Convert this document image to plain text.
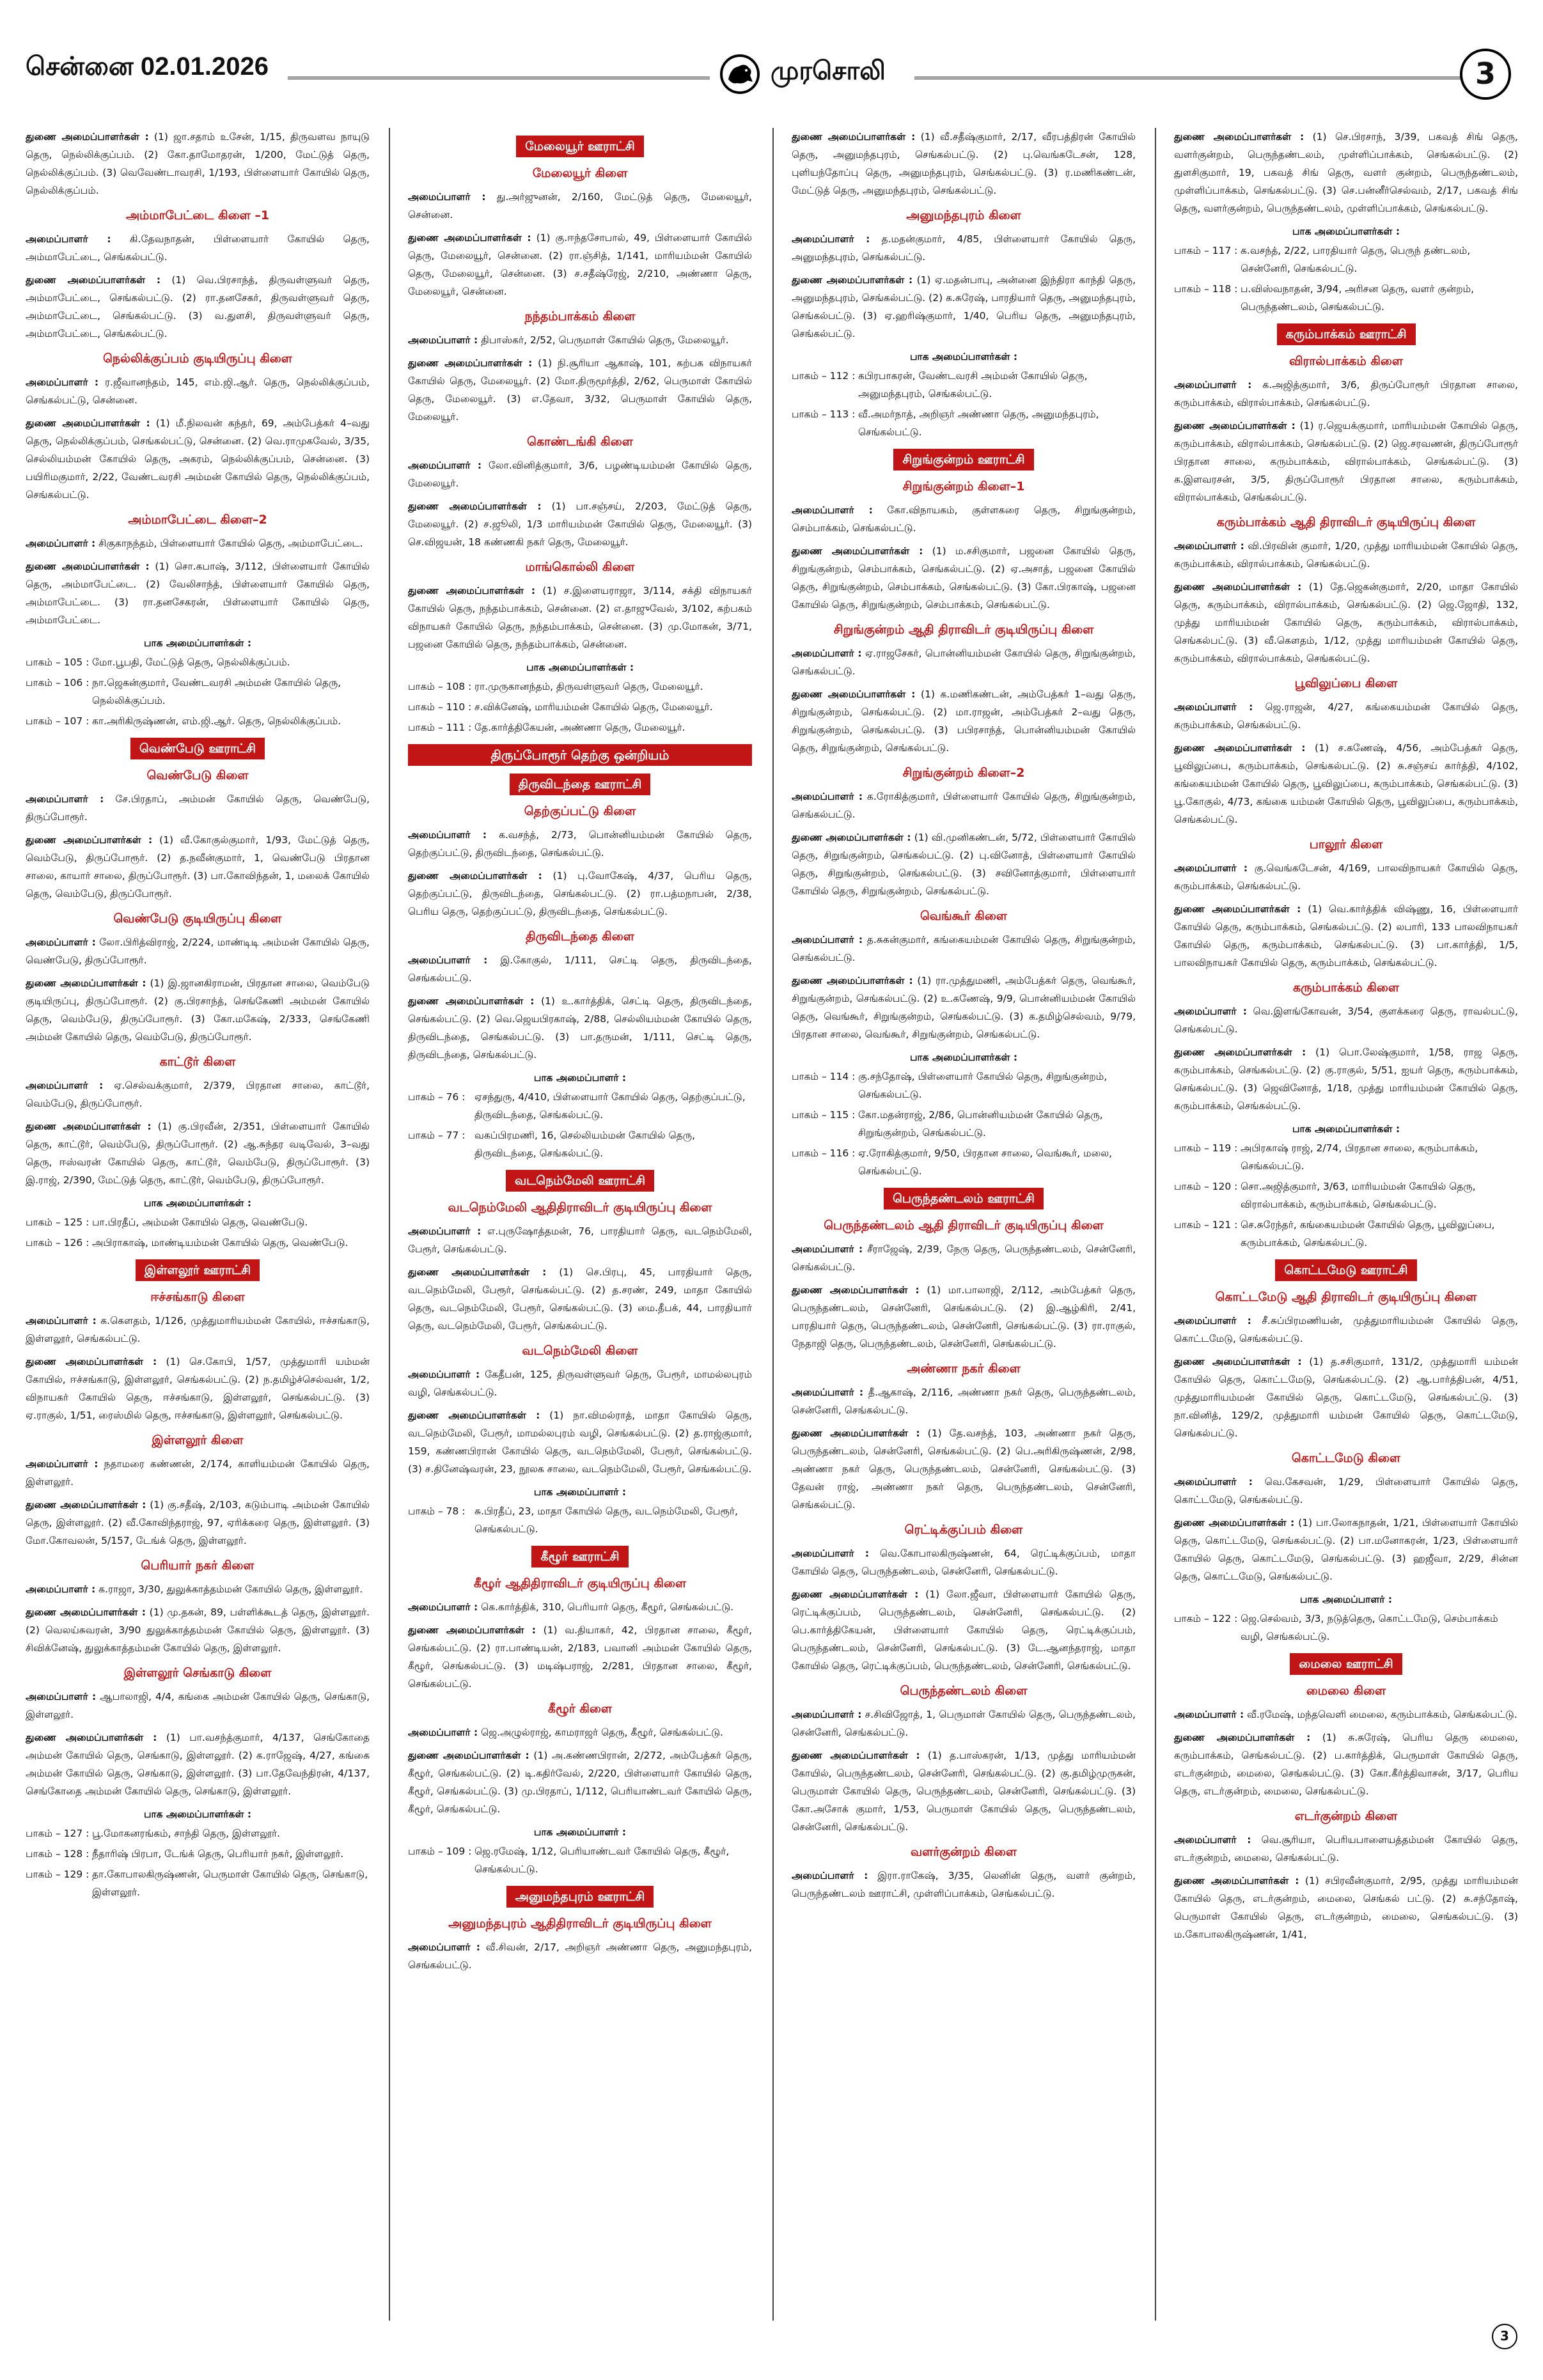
சென்னை 02.01.2026	முரசொலி	3

துணை அமைப்பாளர்கள் : (1) ஜா.சதாம் உசேன், 1/15, திருவளவ நாயுடு தெரு, நெல்லிக்குப்பம். (2) கோ.தாமோதரன், 1/200, மேட்டுத் தெரு, நெல்லிக்குப்பம். (3) வெவேண்டாவரசி, 1/193, பிள்ளையார் கோயில் தெரு, நெல்லிக்குப்பம்.

அம்மாபேட்டை கிளை –1

அமைப்பாளர் : கி.தேவநாதன், பிள்ளையார் கோயில் தெரு, அம்மாபேட்டை, செங்கல்பட்டு.

துணை அமைப்பாளர்கள் : (1) வெ.பிரசாந்த், திருவள்ளுவர் தெரு, அம்மாபேட்டை, செங்கல்பட்டு. (2) ரா.தனசேகர், திருவள்ளுவர் தெரு, அம்மாபேட்டை, செங்கல்பட்டு. (3) வ.துளசி, திருவள்ளுவர் தெரு, அம்மாபேட்டை, செங்கல்பட்டு.

நெல்லிக்குப்பம் குடியிருப்பு கிளை

அமைப்பாளர் : ர.ஜீவானந்தம், 145, எம்.ஜி.ஆர். தெரு, நெல்லிக்குப்பம், செங்கல்பட்டு, சென்னை.

துணை அமைப்பாளர்கள் : (1) மீ.நிலவன் கந்தர், 69, அம்பேத்கர் 4–வது தெரு, நெல்லிக்குப்பம், செங்கல்பட்டு, சென்னை. (2) வெ.ராமுகவேல், 3/35, செல்லியம்மன் கோயில் தெரு, அகரம், நெல்லிக்குப்பம், சென்னை. (3) பயிரிமகுமார், 2/22, வேண்டவரசி அம்மன் கோயில் தெரு, நெல்லிக்குப்பம், செங்கல்பட்டு.

அம்மாபேட்டை கிளை–2

அமைப்பாளர் : சிகுகாநந்தம், பிள்ளையார் கோயில் தெரு, அம்மாபேட்டை.

துணை அமைப்பாளர்கள் : (1) சொ.கபாஷ், 3/112, பிள்ளையார் கோயில் தெரு, அம்மாபேட்டை. (2) வேலிசாந்த், பிள்ளையார் கோயில் தெரு, அம்மாபேட்டை. (3) ரா.தனசேகரன், பிள்ளையார் கோயில் தெரு, அம்மாபேட்டை.

பாக அமைப்பாளர்கள் :
பாகம் – 105 : மோ.பூபதி, மேட்டுத் தெரு, நெல்லிக்குப்பம்.
பாகம் – 106 : நா.ஜெகன்குமார், வேண்டவரசி அம்மன் கோயில் தெரு, நெல்லிக்குப்பம்.
பாகம் – 107 : கா.அரிகிருஷ்ணன், எம்.ஜி.ஆர். தெரு, நெல்லிக்குப்பம்.
வெண்பேடு ஊராட்சி
வெண்பேடு கிளை

அமைப்பாளர் : சே.பிரதாப், அம்மன் கோயில் தெரு, வெண்பேடு, திருப்போரூர்.

துணை அமைப்பாளர்கள் : (1) வீ.கோகுல்குமார், 1/93, மேட்டுத் தெரு, வெம்பேடு, திருப்போரூர். (2) த.நவீன்குமார், 1, வெண்பேடு பிரதான சாலை, காயார் சாலை, திருப்போரூர். (3) பா.கோவிந்தன், 1, மலைக் கோயில் தெரு, வெம்பேடு, திருப்போரூர்.

வெண்பேடு குடியிருப்பு கிளை

அமைப்பாளர் : லோ.பிரித்விராஜ், 2/224, மாண்டிடி அம்மன் கோயில் தெரு, வெண்பேடு, திருப்போரூர்.

துணை அமைப்பாளர்கள் : (1) இ.ஜானகிராமன், பிரதான சாலை, வெம்பேடு குடியிருப்பு, திருப்போரூர். (2) கு.பிரசாந்த், செங்கேணி அம்மன் கோயில் தெரு, வெம்பேடு, திருப்போரூர். (3) கோ.மகேஷ், 2/333, செங்கேணி அம்மன் கோயில் தெரு, வெம்பேடு, திருப்போரூர்.

காட்டூர் கிளை

அமைப்பாளர் : ஏ.செல்வக்குமார், 2/379, பிரதான சாலை, காட்டூர், வெம்பேடு, திருப்போரூர்.

துணை அமைப்பாளர்கள் : (1) கு.பிரவீன், 2/351, பிள்ளையார் கோயில் தெரு, காட்டூர், வெம்பேடு, திருப்போரூர். (2) ஆ.சுந்தர வடிவேல், 3–வது தெரு, ஈஸ்வரன் கோயில் தெரு, காட்டூர், வெம்பேடு, திருப்போரூர். (3) இ.ராஜ், 2/390, மேட்டுத் தெரு, காட்டூர், வெம்பேடு, திருப்போரூர்.

பாக அமைப்பாளர்கள் :
பாகம் – 125 : பா.பிரதீப், அம்மன் கோயில் தெரு, வெண்பேடு.
பாகம் – 126 : அபிராகாஷ், மாண்டியம்மன் கோயில் தெரு, வெண்பேடு.
இள்ளலூர் ஊராட்சி
ஈச்சங்காடு கிளை

அமைப்பாளர் : க.கௌதம், 1/126, முத்துமாரியம்மன் கோயில், ஈச்சங்காடு, இள்ளலூர், செங்கல்பட்டு.

துணை அமைப்பாளர்கள் : (1) செ.கோபி, 1/57, முத்துமாரி யம்மன் கோயில், ஈச்சங்காடு, இள்ளலூர், செங்கல்பட்டு. (2) ந.தமிழ்ச்செல்வன், 1/2, விநாயகர் கோயில் தெரு, ஈச்சங்காடு, இள்ளலூர், செங்கல்பட்டு. (3) ஏ.ராகுல், 1/51, ரைஸ்மில் தெரு, ஈச்சங்காடு, இள்ளலூர், செங்கல்பட்டு.

இள்ளலூர் கிளை

அமைப்பாளர் : நதாமரை கண்ணன், 2/174, காளியம்மன் கோயில் தெரு, இள்ளலூர்.

துணை அமைப்பாளர்கள் : (1) கு.சதீஷ், 2/103, கடும்பாடி அம்மன் கோயில் தெரு, இள்ளலூர். (2) வீ.கோவிந்தராஜ், 97, ஏரிக்கரை தெரு, இள்ளலூர். (3) மோ.கோவலன், 5/157, டேங்க் தெரு, இள்ளலூர்.

பெரியார் நகர் கிளை

அமைப்பாளர் : க.ராஜா, 3/30, துலுக்காத்தம்மன் கோயில் தெரு, இள்ளலூர்.

துணை அமைப்பாளர்கள் : (1) மு.தகன், 89, பள்ளிக்கூடத் தெரு, இள்ளலூர். (2) வெலய்சுவரன், 3/90 துலுக்காத்தம்மன் கோயில் தெரு, இள்ளலூர். (3) சிவிக்னேஷ், துலுக்காத்தம்மன் கோயில் தெரு, இள்ளலூர்.

இள்ளலூர் செங்காடு கிளை

அமைப்பாளர் : ஆபாலாஜி, 4/4, கங்கை அம்மன் கோயில் தெரு, செங்காடு, இள்ளலூர்.

துணை அமைப்பாளர்கள் : (1) பா.வசந்த்குமார், 4/137, செங்கோதை அம்மன் கோயில் தெரு, செங்காடு, இள்ளலூர். (2) க.ராஜேஷ், 4/27, கங்கை அம்மன் கோயில் தெரு, செங்காடு, இள்ளலூர். (3) பா.தேவேந்திரன், 4/137, செங்கோதை அம்மன் கோயில் தெரு, செங்காடு, இள்ளலூர்.

பாக அமைப்பாளர்கள் :
பாகம் – 127 : பூ.மோகனரங்கம், சாந்தி தெரு, இள்ளலூர்.
பாகம் – 128 : நீதாரிஷ் பிரபா, டேங்க் தெரு, பெரியார் நகர், இள்ளலூர்.
பாகம் – 129 : தா.கோபாலகிருஷ்ணன், பெருமாள் கோயில் தெரு, செங்காடு, இள்ளலூர்.
மேலையூர் ஊராட்சி
மேலையூர் கிளை

அமைப்பாளர் : து.அர்ஜுனன், 2/160, மேட்டுத் தெரு, மேலையூர், சென்னை.

துணை அமைப்பாளர்கள் : (1) கு.ஈந்தசோபால், 49, பிள்ளையார் கோயில் தெரு, மேலையூர், சென்னை. (2) ரா.ஞ்சித், 1/141, மாரியம்மன் கோயில் தெரு, மேலையூர், சென்னை. (3) ச.சதீஷ்ரேஜ், 2/210, அண்ணா தெரு, மேலையூர், சென்னை.

நந்தம்பாக்கம் கிளை

அமைப்பாளர் : திபாஸ்கர், 2/52, பெருமாள் கோயில் தெரு, மேலையூர்.

துணை அமைப்பாளர்கள் : (1) நி.சூரியா ஆகாஷ், 101, கற்பக விநாயகர் கோயில் தெரு, மேலையூர். (2) மோ.திருமூர்த்தி, 2/62, பெருமாள் கோயில் தெரு, மேலையூர். (3) எ.தேவா, 3/32, பெருமாள் கோயில் தெரு, மேலையூர்.

கொண்டங்கி கிளை

அமைப்பாளர் : லோ.வினித்குமார், 3/6, பழண்டியம்மன் கோயில் தெரு, மேலையூர்.

துணை அமைப்பாளர்கள் : (1) பா.சஞ்சய், 2/203, மேட்டுத் தெரு, மேலையூர். (2) ச.ஜூலி, 1/3 மாரியம்மன் கோயில் தெரு, மேலையூர். (3) செ.விஜயன், 18 கண்ணகி நகர் தெரு, மேலையூர்.

மாங்கொல்லி கிளை

துணை அமைப்பாளர்கள் : (1) ச.இளையராஜா, 3/114, சக்தி விநாயகர் கோயில் தெரு, நந்தம்பாக்கம், சென்னை. (2) எ.தாஜுவேல், 3/102, கற்பகம் விநாயகர் கோயில் தெரு, நந்தம்பாக்கம், சென்னை. (3) மு.மோகன், 3/71, பஜனை கோயில் தெரு, நந்தம்பாக்கம், சென்னை.

பாக அமைப்பாளர்கள் :
பாகம் – 108 : ரா.முருகானந்தம், திருவள்ளுவர் தெரு, மேலையூர்.
பாகம் – 110 : ச.விக்னேஷ், மாரியம்மன் கோயில் தெரு, மேலையூர்.
பாகம் – 111 : தே.கார்த்திகேயன், அண்ணா தெரு, மேலையூர்.
திருப்போரூர் தெற்கு ஒன்றியம்
திருவிடந்தை ஊராட்சி
தெற்குப்பட்டு கிளை

அமைப்பாளர் : க.வசந்த், 2/73, பொன்னியம்மன் கோயில் தெரு, தெற்குப்பட்டு, திருவிடந்தை, செங்கல்பட்டு.

துணை அமைப்பாளர்கள் : (1) பு.வோகேஷ், 4/37, பெரிய தெரு, தெற்குப்பட்டு, திருவிடந்தை, செங்கல்பட்டு. (2) ரா.பத்மநாபன், 2/38, பெரிய தெரு, தெற்குப்பட்டு, திருவிடந்தை, செங்கல்பட்டு.

திருவிடந்தை கிளை

அமைப்பாளர் : இ.கோகுல், 1/111, செட்டி தெரு, திருவிடந்தை, செங்கல்பட்டு.

துணை அமைப்பாளர்கள் : (1) உ.கார்த்திக், செட்டி தெரு, திருவிடந்தை, செங்கல்பட்டு. (2) வெ.ஜெயபிரகாஷ், 2/88, செல்லியம்மன் கோயில் தெரு, திருவிடந்தை, செங்கல்பட்டு. (3) பா.தருமன், 1/111, செட்டி தெரு, திருவிடந்தை, செங்கல்பட்டு.

பாக அமைப்பாளர் :
பாகம் – 76 : ஏசந்துரு, 4/410, பிள்ளையார் கோயில் தெரு, தெற்குப்பட்டு, திருவிடந்தை, செங்கல்பட்டு.
பாகம் – 77 : வகப்பிரமணி, 16, செல்லியம்மன் கோயில் தெரு, திருவிடந்தை, செங்கல்பட்டு.
வடநெம்மேலி ஊராட்சி
வடநெம்மேலி ஆதிதிராவிடர் குடியிருப்பு கிளை

அமைப்பாளர் : எ.புருஷோத்தமன், 76, பாரதியார் தெரு, வடநெம்மேலி, பேரூர், செங்கல்பட்டு.

துணை அமைப்பாளர்கள் : (1) செ.பிரபு, 45, பாரதியார் தெரு, வடநெம்மேலி, பேரூர், செங்கல்பட்டு. (2) த.சரண், 249, மாதா கோயில் தெரு, வடநெம்மேலி, பேரூர், செங்கல்பட்டு. (3) மை.தீபக், 44, பாரதியார் தெரு, வடநெம்மேலி, பேரூர், செங்கல்பட்டு.

வடநெம்மேலி கிளை

அமைப்பாளர் : கேதீபன், 125, திருவள்ளுவர் தெரு, பேரூர், மாமல்லபுரம் வழி, செங்கல்பட்டு.

துணை அமைப்பாளர்கள் : (1) நா.விமல்ராத், மாதா கோயில் தெரு, வடநெம்மேலி, பேரூர், மாமல்லபுரம் வழி, செங்கல்பட்டு. (2) த.ராஜ்குமார், 159, கண்ணபிரான் கோயில் தெரு, வடநெம்மேலி, பேரூர், செங்கல்பட்டு. (3) ச.தினேஷ்வரன், 23, நூலக சாலை, வடநெம்மேலி, பேரூர், செங்கல்பட்டு.

பாக அமைப்பாளர் :
பாகம் – 78 : சு.பிரதீப், 23, மாதா கோயில் தெரு, வடநெம்மேலி, பேரூர், செங்கல்பட்டு.
கீழூர் ஊராட்சி
கீழூர் ஆதிதிராவிடர் குடியிருப்பு கிளை

அமைப்பாளர் : கெ.கார்த்திக், 310, பெரியார் தெரு, கீழூர், செங்கல்பட்டு.

துணை அமைப்பாளர்கள் : (1) வ.தியாகர், 42, பிரதான சாலை, கீழூர், செங்கல்பட்டு. (2) ரா.பாண்டியன், 2/183, பவானி அம்மன் கோயில் தெரு, கீழூர், செங்கல்பட்டு. (3) மடிஷ்பராஜ், 2/281, பிரதான சாலை, கீழூர், செங்கல்பட்டு.

கீழூர் கிளை

அமைப்பாளர் : ஜெ.அழுல்ராஜ், காமராஜர் தெரு, கீழூர், செங்கல்பட்டு.

துணை அமைப்பாளர்கள் : (1) அ.கண்ணபிரான், 2/272, அம்பேத்கர் தெரு, கீழூர், செங்கல்பட்டு. (2) டி.கதிர்வேல், 2/220, பிள்ளையார் கோயில் தெரு, கீழூர், செங்கல்பட்டு. (3) மு.பிரதாப், 1/112, பெரியாண்டவர் கோயில் தெரு, கீழூர், செங்கல்பட்டு.

பாக அமைப்பாளர் :
பாகம் – 109 : ஜெ.ரமேஷ், 1/12, பெரியாண்டவர் கோயில் தெரு, கீழூர், செங்கல்பட்டு.
அனுமந்தபுரம் ஊராட்சி
அனுமந்தபுரம் ஆதிதிராவிடர் குடியிருப்பு கிளை

அமைப்பாளர் : வீ.சிவன், 2/17, அறிஞர் அண்ணா தெரு, அனுமந்தபுரம், செங்கல்பட்டு.

துணை அமைப்பாளர்கள் : (1) வீ.சதீஷ்குமார், 2/17, வீரபத்திரன் கோயில் தெரு, அனுமந்தபுரம், செங்கல்பட்டு. (2) பு.வெங்கடேசன், 128, புளியந்தோப்பு தெரு, அனுமந்தபுரம், செங்கல்பட்டு. (3) ர.மணிகண்டன், மேட்டுத் தெரு, அனுமந்தபுரம், செங்கல்பட்டு.

அனுமந்தபுரம் கிளை

அமைப்பாளர் : த.மதன்குமார், 4/85, பிள்ளையார் கோயில் தெரு, அனுமந்தபுரம், செங்கல்பட்டு.

துணை அமைப்பாளர்கள் : (1) ஏ.மதன்பாபு, அன்னை இந்திரா காந்தி தெரு, அனுமந்தபுரம், செங்கல்பட்டு. (2) க.சுரேஷ், பாரதியார் தெரு, அனுமந்தபுரம், செங்கல்பட்டு. (3) ஏ.ஹரிஷ்குமார், 1/40, பெரிய தெரு, அனுமந்தபுரம், செங்கல்பட்டு.

பாக அமைப்பாளர்கள் :
பாகம் – 112 : கபிரபாகரன், வேண்டவரசி அம்மன் கோயில் தெரு, அனுமந்தபுரம், செங்கல்பட்டு.
பாகம் – 113 : வீ.அமர்நாத், அறிஞர் அண்ணா தெரு, அனுமந்தபுரம், செங்கல்பட்டு.
சிறுங்குன்றம் ஊராட்சி
சிறுங்குன்றம் கிளை–1

அமைப்பாளர் : கோ.விநாயகம், குள்ளகரை தெரு, சிறுங்குன்றம், செம்பாக்கம், செங்கல்பட்டு.

துணை அமைப்பாளர்கள் : (1) ம.சசிகுமார், பஜனை கோயில் தெரு, சிறுங்குன்றம், செம்பாக்கம், செங்கல்பட்டு. (2) ஏ.அசாத், பஜனை கோயில் தெரு, சிறுங்குன்றம், செம்பாக்கம், செங்கல்பட்டு. (3) கோ.பிரகாஷ், பஜனை கோயில் தெரு, சிறுங்குன்றம், செம்பாக்கம், செங்கல்பட்டு.

சிறுங்குன்றம் ஆதி திராவிடர் குடியிருப்பு கிளை

அமைப்பாளர் : ஏ.ராஜசேகர், பொன்னியம்மன் கோயில் தெரு, சிறுங்குன்றம், செங்கல்பட்டு.

துணை அமைப்பாளர்கள் : (1) க.மணிகண்டன், அம்பேத்கர் 1–வது தெரு, சிறுங்குன்றம், செங்கல்பட்டு. (2) மா.ராஜன், அம்பேத்கர் 2–வது தெரு, சிறுங்குன்றம், செங்கல்பட்டு. (3) பபிரசாந்த், பொன்னியம்மன் கோயில் தெரு, சிறுங்குன்றம், செங்கல்பட்டு.

சிறுங்குன்றம் கிளை–2

அமைப்பாளர் : க.ரோகித்குமார், பிள்ளையார் கோயில் தெரு, சிறுங்குன்றம், செங்கல்பட்டு.

துணை அமைப்பாளர்கள் : (1) வி.முனிகண்டன், 5/72, பிள்ளையார் கோயில் தெரு, சிறுங்குன்றம், செங்கல்பட்டு. (2) பு.வினோத், பிள்ளையார் கோயில் தெரு, சிறுங்குன்றம், செங்கல்பட்டு. (3) சவினோத்குமார், பிள்ளையார் கோயில் தெரு, சிறுங்குன்றம், செங்கல்பட்டு.

வெங்கூர் கிளை

அமைப்பாளர் : த.சுகன்குமார், கங்கையம்மன் கோயில் தெரு, சிறுங்குன்றம், செங்கல்பட்டு.

துணை அமைப்பாளர்கள் : (1) ரா.முத்துமணி, அம்பேத்கர் தெரு, வெங்கூர், சிறுங்குன்றம், செங்கல்பட்டு. (2) உ.கணேஷ், 9/9, பொன்னியம்மன் கோயில் தெரு, வெங்கூர், சிறுங்குன்றம், செங்கல்பட்டு. (3) க.தமிழ்செல்வம், 9/79, பிரதான சாலை, வெங்கூர், சிறுங்குன்றம், செங்கல்பட்டு.

பாக அமைப்பாளர்கள் :
பாகம் – 114 : கு.சந்தோஷ், பிள்ளையார் கோயில் தெரு, சிறுங்குன்றம், செங்கல்பட்டு.
பாகம் – 115 : கோ.மதன்ராஜ், 2/86, பொன்னியம்மன் கோயில் தெரு, சிறுங்குன்றம், செங்கல்பட்டு.
பாகம் – 116 : ஏ.ரோகித்குமார், 9/50, பிரதான சாலை, வெங்கூர், மலை, செங்கல்பட்டு.
பெருந்தண்டலம் ஊராட்சி
பெருந்தண்டலம் ஆதி திராவிடர் குடியிருப்பு கிளை

அமைப்பாளர் : சீராஜேஷ், 2/39, நேரு தெரு, பெருந்தண்டலம், சென்னேரி, செங்கல்பட்டு.

துணை அமைப்பாளர்கள் : (1) மா.பாலாஜி, 2/112, அம்பேத்கர் தெரு, பெருந்தண்டலம், சென்னேரி, செங்கல்பட்டு. (2) இ.ஆழ்கிரி, 2/41, பாரதியார் தெரு, பெருந்தண்டலம், சென்னேரி, செங்கல்பட்டு. (3) ரா.ராகுல், நேதாஜி தெரு, பெருந்தண்டலம், சென்னேரி, செங்கல்பட்டு.

அண்ணா நகர் கிளை

அமைப்பாளர் : தீ.ஆகாஷ், 2/116, அண்ணா நகர் தெரு, பெருந்தண்டலம், சென்னேரி, செங்கல்பட்டு.

துணை அமைப்பாளர்கள் : (1) தே.வசந்த், 103, அண்ணா நகர் தெரு, பெருந்தண்டலம், சென்னேரி, செங்கல்பட்டு. (2) பெ.அரிகிருஷ்ணன், 2/98, அண்ணா நகர் தெரு, பெருந்தண்டலம், சென்னேரி, செங்கல்பட்டு. (3) தேவன் ராஜ், அண்ணா நகர் தெரு, பெருந்தண்டலம், சென்னேரி, செங்கல்பட்டு.

ரெட்டிக்குப்பம் கிளை

அமைப்பாளர் : வெ.கோபாலகிருஷ்ணன், 64, ரெட்டிக்குப்பம், மாதா கோயில் தெரு, பெருந்தண்டலம், சென்னேரி, செங்கல்பட்டு.

துணை அமைப்பாளர்கள் : (1) லோ.ஜீவா, பிள்ளையார் கோயில் தெரு, ரெட்டிக்குப்பம், பெருந்தண்டலம், சென்னேரி, செங்கல்பட்டு. (2) பெ.கார்த்திகேயன், பிள்ளையார் கோயில் தெரு, ரெட்டிக்குப்பம், பெருந்தண்டலம், சென்னேரி, செங்கல்பட்டு. (3) டே.ஆனந்தராஜ், மாதா கோயில் தெரு, ரெட்டிக்குப்பம், பெருந்தண்டலம், சென்னேரி, செங்கல்பட்டு.

பெருந்தண்டலம் கிளை

அமைப்பாளர் : ச.சிவிஜோத், 1, பெருமாள் கோயில் தெரு, பெருந்தண்டலம், சென்னேரி, செங்கல்பட்டு.

துணை அமைப்பாளர்கள் : (1) த.பாஸ்கரன், 1/13, முத்து மாரியம்மன் கோயில், பெருந்தண்டலம், சென்னேரி, செங்கல்பட்டு. (2) கு.தமிழ்முருகன், பெருமாள் கோயில் தெரு, பெருந்தண்டலம், சென்னேரி, செங்கல்பட்டு. (3) கோ.அசோக் குமார், 1/53, பெருமாள் கோயில் தெரு, பெருந்தண்டலம், சென்னேரி, செங்கல்பட்டு.

வளர்குன்றம் கிளை

அமைப்பாளர் : இரா.ராகேஷ், 3/35, லெனின் தெரு, வளர் குன்றம், பெருந்தண்டலம் ஊராட்சி, முள்ளிப்பாக்கம், செங்கல்பட்டு.

துணை அமைப்பாளர்கள் : (1) செ.பிரசாந், 3/39, பகவத் சிங் தெரு, வளர்குன்றம், பெருந்தண்டலம், முள்ளிப்பாக்கம், செங்கல்பட்டு. (2) துளசிகுமார், 19, பகவத் சிங் தெரு, வளர் குன்றம், பெருந்தண்டலம், முள்ளிப்பாக்கம், செங்கல்பட்டு. (3) செ.பன்னீர்செல்வம், 2/17, பகவத் சிங் தெரு, வளர்குன்றம், பெருந்தண்டலம், முள்ளிப்பாக்கம், செங்கல்பட்டு.

பாக அமைப்பாளர்கள் :
பாகம் – 117 : க.வசந்த், 2/22, பாரதியார் தெரு, பெருந் தண்டலம், சென்னேரி, செங்கல்பட்டு.
பாகம் – 118 : ப.விஸ்வநாதன், 3/94, அரிசன தெரு, வளர் குன்றம், பெருந்தண்டலம், செங்கல்பட்டு.
கரும்பாக்கம் ஊராட்சி
விரால்பாக்கம் கிளை

அமைப்பாளர் : க.அஜித்குமார், 3/6, திருப்போரூர் பிரதான சாலை, கரும்பாக்கம், விரால்பாக்கம், செங்கல்பட்டு.

துணை அமைப்பாளர்கள் : (1) ர.ஜெயக்குமார், மாரியம்மன் கோயில் தெரு, கரும்பாக்கம், விரால்பாக்கம், செங்கல்பட்டு. (2) ஜெ.சரவணன், திருப்போரூர் பிரதான சாலை, கரும்பாக்கம், விரால்பாக்கம், செங்கல்பட்டு. (3) க.இளவரசன், 3/5, திருப்போரூர் பிரதான சாலை, கரும்பாக்கம், விரால்பாக்கம், செங்கல்பட்டு.

கரும்பாக்கம் ஆதி திராவிடர் குடியிருப்பு கிளை

அமைப்பாளர் : வி.பிரவின் குமார், 1/20, முத்து மாரியம்மன் கோயில் தெரு, கரும்பாக்கம், விரால்பாக்கம், செங்கல்பட்டு.

துணை அமைப்பாளர்கள் : (1) தே.ஜெகன்குமார், 2/20, மாதா கோயில் தெரு, கரும்பாக்கம், விரால்பாக்கம், செங்கல்பட்டு. (2) ஜெ.ஜோதி, 132, முத்து மாரியம்மன் கோயில் தெரு, கரும்பாக்கம், விரால்பாக்கம், செங்கல்பட்டு. (3) வீ.கௌதம், 1/12, முத்து மாரியம்மன் கோயில் தெரு, கரும்பாக்கம், விரால்பாக்கம், செங்கல்பட்டு.

பூவிலுப்பை கிளை

அமைப்பாளர் : ஜெ.ராஜன், 4/27, கங்கையம்மன் கோயில் தெரு, கரும்பாக்கம், செங்கல்பட்டு.

துணை அமைப்பாளர்கள் : (1) ச.கணேஷ், 4/56, அம்பேத்கர் தெரு, பூவிலுப்பை, கரும்பாக்கம், செங்கல்பட்டு. (2) சு.சஞ்சய் கார்த்தி, 4/102, கங்கையம்மன் கோயில் தெரு, பூவிலுப்பை, கரும்பாக்கம், செங்கல்பட்டு. (3) பூ.கோகுல், 4/73, கங்கை யம்மன் கோயில் தெரு, பூவிலுப்பை, கரும்பாக்கம், செங்கல்பட்டு.

பாலூர் கிளை

அமைப்பாளர் : கு.வெங்கடேசன், 4/169, பாலவிநாயகர் கோயில் தெரு, கரும்பாக்கம், செங்கல்பட்டு.

துணை அமைப்பாளர்கள் : (1) வெ.கார்த்திக் விஷ்ணு, 16, பிள்ளையார் கோயில் தெரு, கரும்பாக்கம், செங்கல்பட்டு. (2) லபாரி, 133 பாலவிநாயகர் கோயில் தெரு, கரும்பாக்கம், செங்கல்பட்டு. (3) பா.கார்த்தி, 1/5, பாலவிநாயகர் கோயில் தெரு, கரும்பாக்கம், செங்கல்பட்டு.

கரும்பாக்கம் கிளை

அமைப்பாளர் : வெ.இளங்கோவன், 3/54, குளக்கரை தெரு, ராவல்பட்டு, செங்கல்பட்டு.

துணை அமைப்பாளர்கள் : (1) பொ.லேஷ்குமார், 1/58, ராஜ தெரு, கரும்பாக்கம், செங்கல்பட்டு. (2) கு.ராகுல், 5/51, ஐயர் தெரு, கரும்பாக்கம், செங்கல்பட்டு. (3) ஜெவினோத், 1/18, முத்து மாரியம்மன் கோயில் தெரு, கரும்பாக்கம், செங்கல்பட்டு.

பாக அமைப்பாளர்கள் :
பாகம் – 119 : அபிரகாஷ் ராஜ், 2/74, பிரதான சாலை, கரும்பாக்கம், செங்கல்பட்டு.
பாகம் – 120 : சொ.அஜித்குமார், 3/63, மாரியம்மன் கோயில் தெரு, விரால்பாக்கம், கரும்பாக்கம், செங்கல்பட்டு.
பாகம் – 121 : செ.சுரேந்தர், கங்கையம்மன் கோயில் தெரு, பூவிலுப்பை, கரும்பாக்கம், செங்கல்பட்டு.
கொட்டமேடு ஊராட்சி
கொட்டமேடு ஆதி திராவிடர் குடியிருப்பு கிளை

அமைப்பாளர் : சீ.சுப்பிரமணியன், முத்துமாரியம்மன் கோயில் தெரு, கொட்டமேடு, செங்கல்பட்டு.

துணை அமைப்பாளர்கள் : (1) த.சசிகுமார், 131/2, முத்துமாரி யம்மன் கோயில் தெரு, கொட்டமேடு, செங்கல்பட்டு. (2) ஆ.பார்த்திபன், 4/51, முத்துமாரியம்மன் கோயில் தெரு, கொட்டமேடு, செங்கல்பட்டு. (3) நா.வினித், 129/2, முத்துமாரி யம்மன் கோயில் தெரு, கொட்டமேடு, செங்கல்பட்டு.

கொட்டமேடு கிளை

அமைப்பாளர் : வெ.கேசவன், 1/29, பிள்ளையார் கோயில் தெரு, கொட்டமேடு, செங்கல்பட்டு.

துணை அமைப்பாளர்கள் : (1) பா.லோகநாதன், 1/21, பிள்ளையார் கோயில் தெரு, கொட்டமேடு, செங்கல்பட்டு. (2) பா.மனோகரன், 1/23, பிள்ளையார் கோயில் தெரு, கொட்டமேடு, செங்கல்பட்டு. (3) ஹஜீவா, 2/29, சின்ன தெரு, கொட்டமேடு, செங்கல்பட்டு.

பாக அமைப்பாளர் :
பாகம் – 122 : ஜெ.செல்வம், 3/3, நடுத்தெரு, கொட்டமேடு, செம்பாக்கம் வழி, செங்கல்பட்டு.
மைலை ஊராட்சி
மைலை கிளை

அமைப்பாளர் : வீ.ரமேஷ், மந்தவெளி மைலை, கரும்பாக்கம், செங்கல்பட்டு.

துணை அமைப்பாளர்கள் : (1) சு.சுரேஷ், பெரிய தெரு மைலை, கரும்பாக்கம், செங்கல்பட்டு. (2) ப.கார்த்திக், பெருமாள் கோயில் தெரு, எடர்குன்றம், மைலை, செங்கல்பட்டு. (3) கோ.கீர்த்திவாசன், 3/17, பெரிய தெரு, எடர்குன்றம், மைலை, செங்கல்பட்டு.

எடர்குன்றம் கிளை

அமைப்பாளர் : வெ.சூரியா, பெரியபாளையத்தம்மன் கோயில் தெரு, எடர்குன்றம், மைலை, செங்கல்பட்டு.

துணை அமைப்பாளர்கள் : (1) சபிரவீன்குமார், 2/95, முத்து மாரியம்மன் கோயில் தெரு, எடர்குன்றம், மைலை, செங்கல் பட்டு. (2) சு.சந்தோஷ், பெருமாள் கோயில் தெரு, எடர்குன்றம், மைலை, செங்கல்பட்டு. (3) ம.கோபாலகிருஷ்ணன், 1/41,

3
